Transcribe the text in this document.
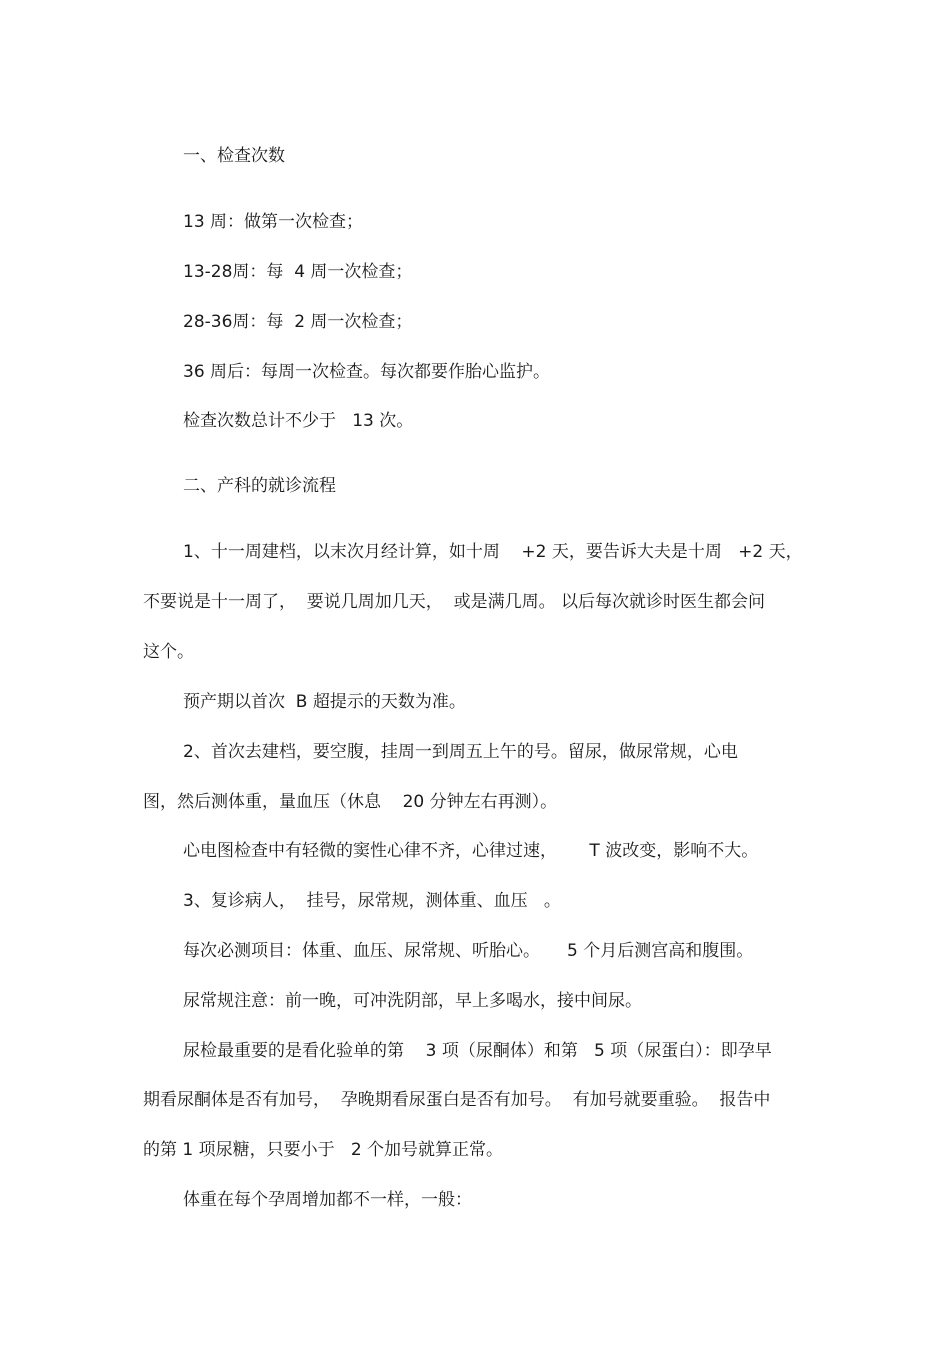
一、检查次数

13 周：做第一次检查；

13-28周：每  4 周一次检查；

28-36周：每  2 周一次检查；

36 周后：每周一次检查。每次都要作胎心监护。

检查次数总计不少于   13 次。

二、产科的就诊流程

1、十一周建档，以末次月经计算，如十周    +2 天，要告诉大夫是十周   +2 天，

不要说是十一周了，  要说几周加几天，  或是满几周。 以后每次就诊时医生都会问

这个。

预产期以首次  B 超提示的天数为准。

2、首次去建档，要空腹，挂周一到周五上午的号。留尿，做尿常规，心电

图，然后测体重，量血压（休息    20 分钟左右再测）。

心电图检查中有轻微的窦性心律不齐，心律过速，      T 波改变，影响不大。

3、复诊病人，  挂号，尿常规，测体重、血压   。

每次必测项目：体重、血压、尿常规、听胎心。     5 个月后测宫高和腹围。

尿常规注意：前一晚，可冲洗阴部，早上多喝水，接中间尿。

尿检最重要的是看化验单的第    3 项（尿酮体）和第   5 项（尿蛋白）：即孕早

期看尿酮体是否有加号，  孕晚期看尿蛋白是否有加号。  有加号就要重验。  报告中

的第 1 项尿糖，只要小于   2 个加号就算正常。

体重在每个孕周增加都不一样，一般：
